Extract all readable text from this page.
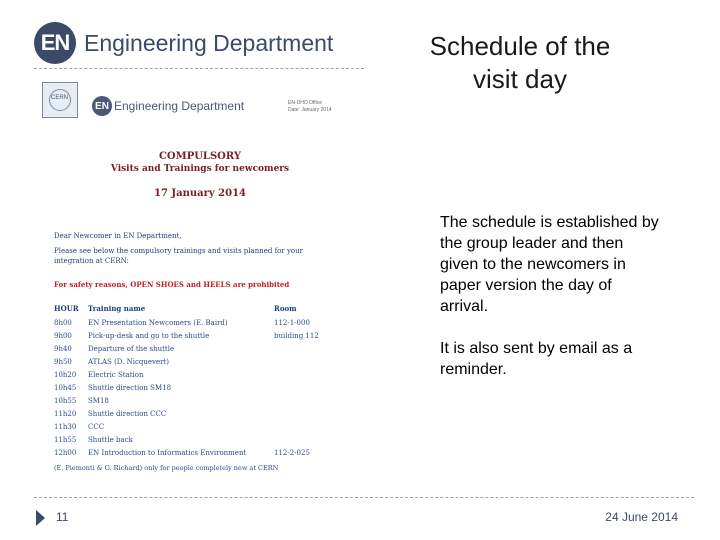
EN Engineering Department	Schedule of the
visit day
CERN
EN Engineering Department	EN-DHO Office
Date: January 2014
COMPULSORY
Visits and Trainings for newcomers
17 January 2014
Dear Newcomer in EN Department,
Please see below the compulsory trainings and visits planned for your integration at CERN:
For safety reasons, OPEN SHOES and HEELS are prohibited
HOUR	Training name	Room
8h00	EN Presentation Newcomers (E. Baird)	112-1-000
9h00	Pick-up-desk and go to the shuttle	building 112
9h40	Departure of the shuttle
9h50	ATLAS (D. Nicquevert)
10h20	Electric Station
10h45	Shuttle direction SM18
10h55	SM18
11h20	Shuttle direction CCC
11h30	CCC
11h55	Shuttle back
12h00	EN Introduction to Informatics Environment	112-2-025
(E. Piemonti & G. Richard) only for people completely new at CERN

The schedule is established by the group leader and then given to the newcomers in paper version the day of arrival.

It is also sent by email as a reminder.

11	24 June 2014
